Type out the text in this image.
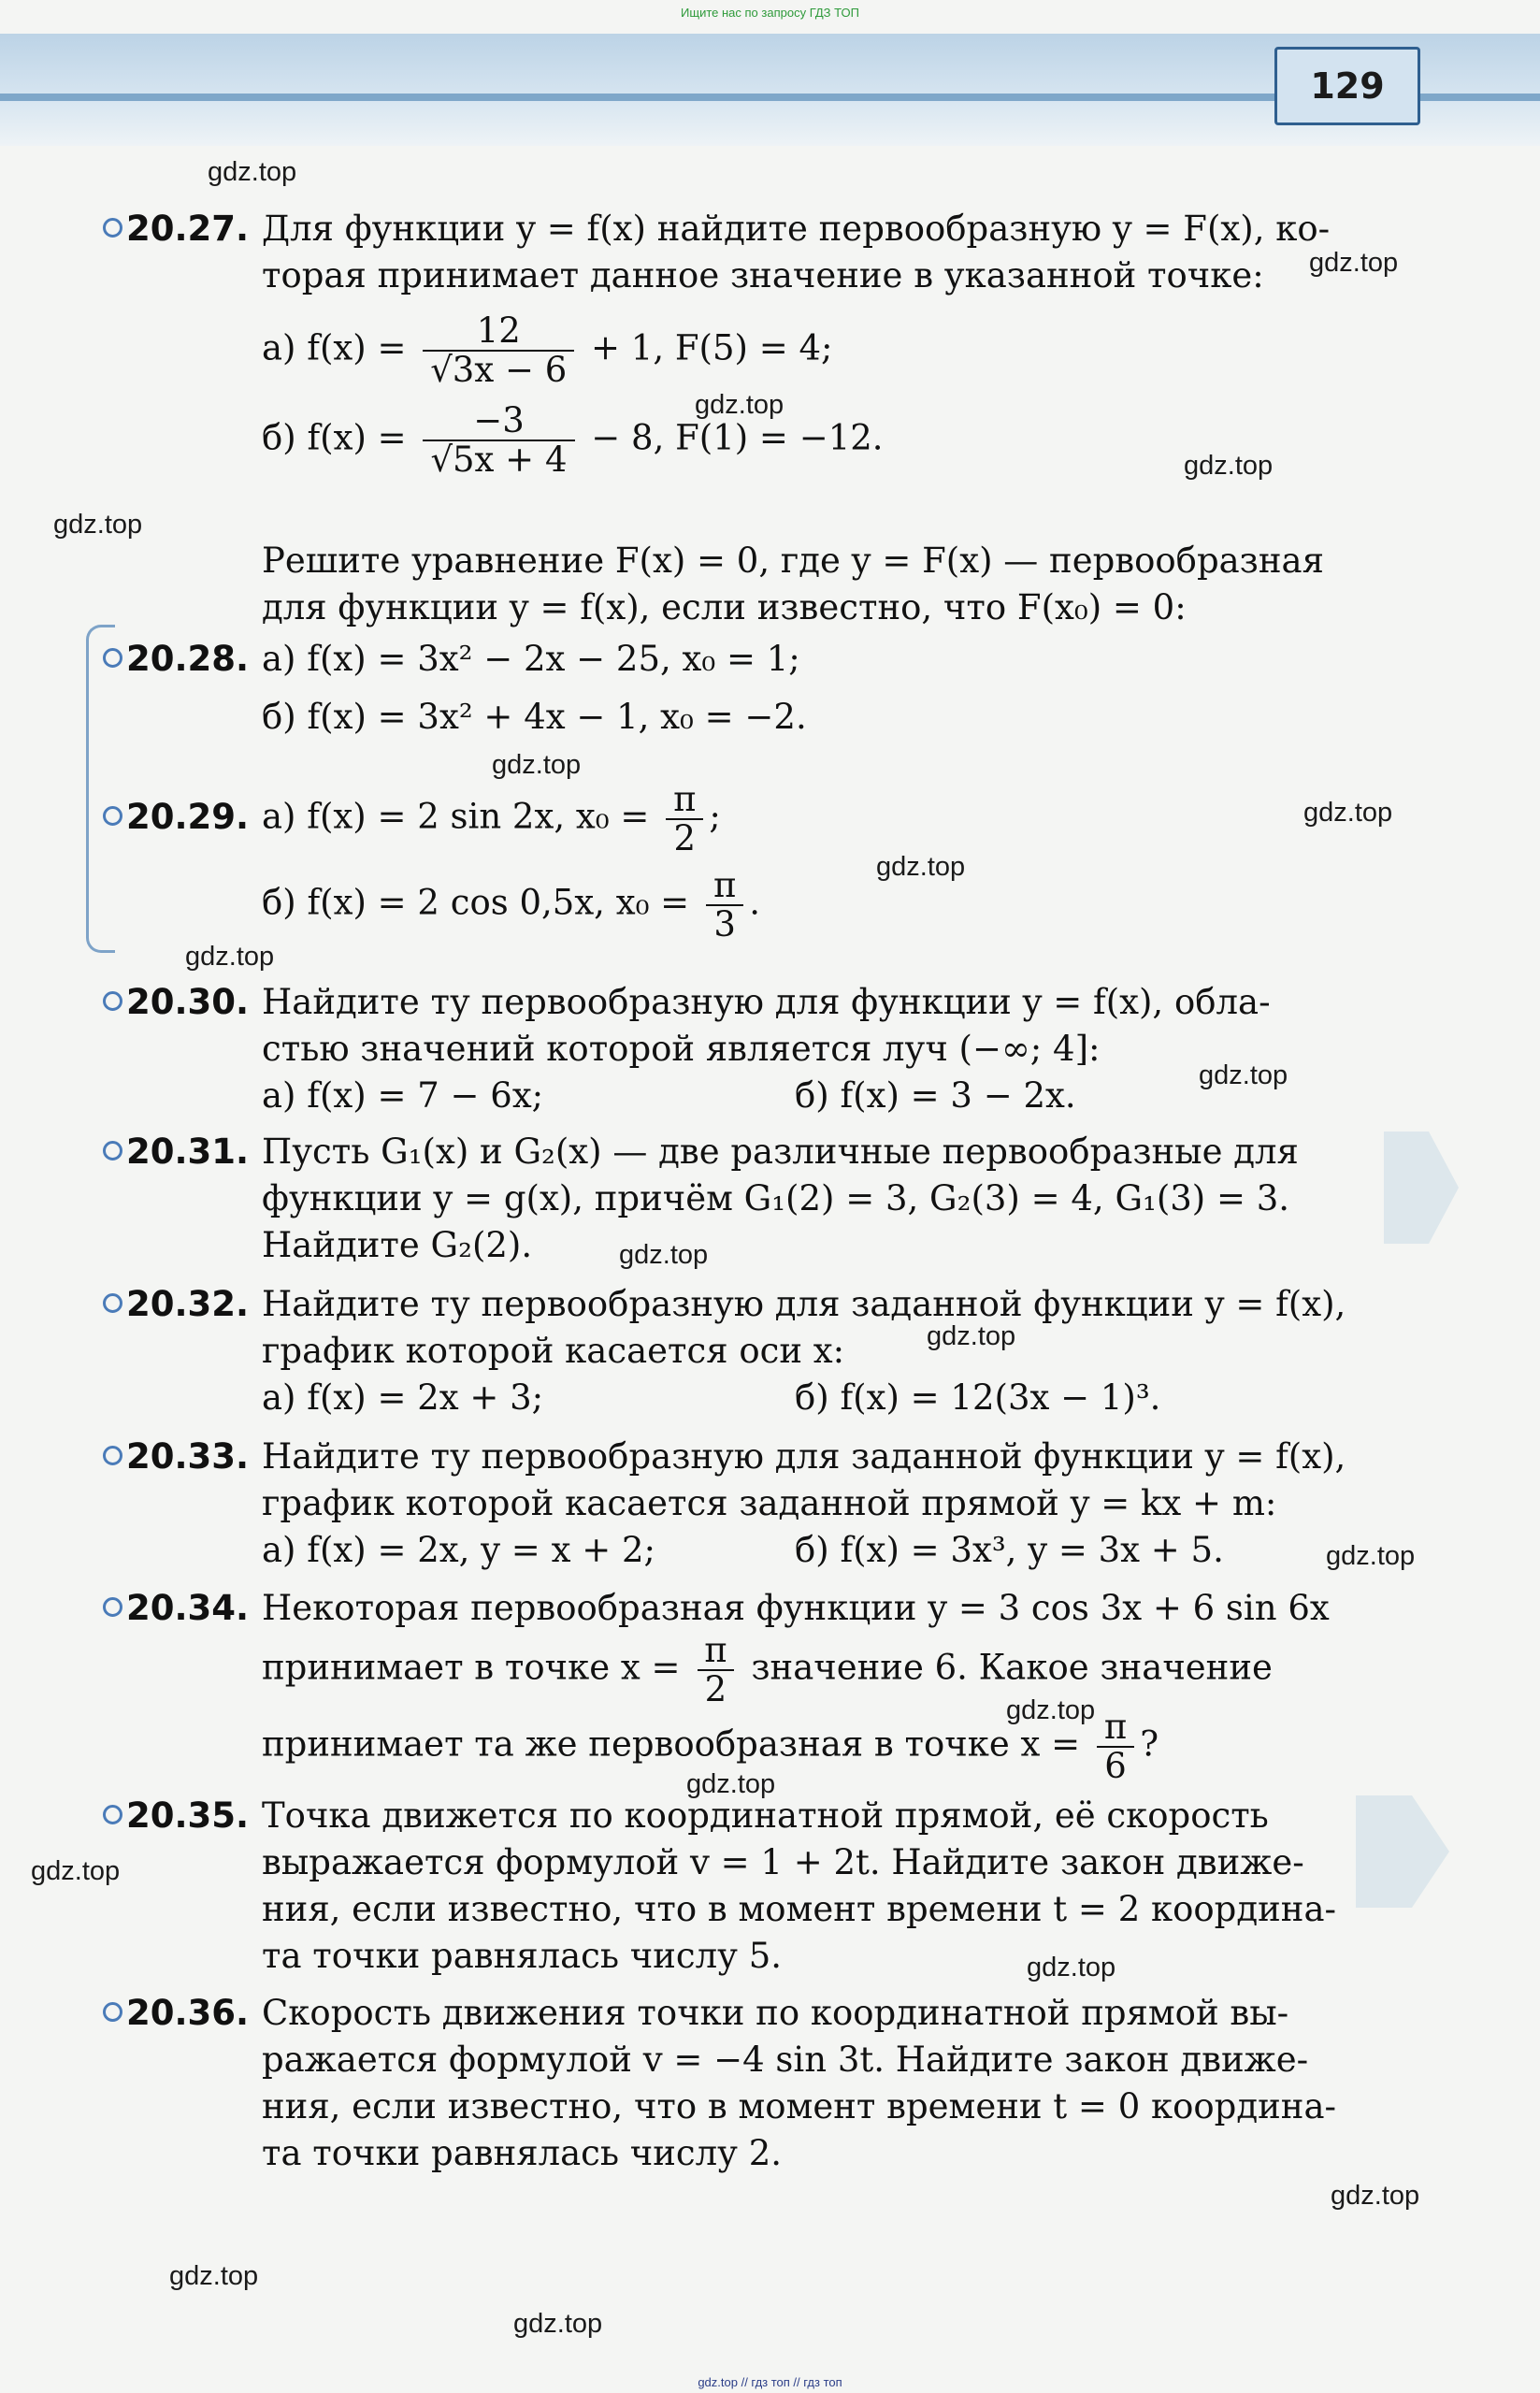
Ищите нас по запросу ГДЗ ТОП
129
20.27. Для функции y = f(x) найдите первообразную y = F(x), ко-
торая принимает данное значение в указанной точке:
а) $f(x) = \frac{12}{√3x - 6} + 1$, F(5) = 4;
б) $f(x) = \frac{-3}{√5x + 4} - 8$, F(1) = −12.
Решите уравнение F(x) = 0, где y = F(x) — первообразная
для функции y = f(x), если известно, что F(x₀) = 0:
20.28. а) f(x) = 3x² − 2x − 25, x₀ = 1;
б) f(x) = 3x² + 4x − 1, x₀ = −2.
20.29. а) f(x) = 2 sin 2x, $x_0 = \frac{\pi}{2}$ ;
б) f(x) = 2 cos 0,5x, $x_0 = \frac{\pi}{3}$ .
20.30. Найдите ту первообразную для функции y = f(x), обла-
стью значений которой является луч (−∞; 4]:
а) f(x) = 7 − 6x;	б) f(x) = 3 − 2x.
20.31. Пусть G₁(x) и G₂(x) — две различные первообразные для
функции y = g(x), причём G₁(2) = 3, G₂(3) = 4, G₁(3) = 3.
Найдите G₂(2).
20.32. Найдите ту первообразную для заданной функции y = f(x),
график которой касается оси x:
а) f(x) = 2x + 3;	б) f(x) = 12(3x − 1)³.
20.33. Найдите ту первообразную для заданной функции y = f(x),
график которой касается заданной прямой y = kx + m:
а) f(x) = 2x, y = x + 2;	б) f(x) = 3x³, y = 3x + 5.
20.34. Некоторая первообразная функции y = 3 cos 3x + 6 sin 6x
принимает в точке $x = \frac{\pi}{2}$ значение 6. Какое значение
принимает та же первообразная в точке $x = \frac{\pi}{6}$ ?
20.35. Точка движется по координатной прямой, её скорость
выражается формулой v = 1 + 2t. Найдите закон движе-
ния, если известно, что в момент времени t = 2 координа-
та точки равнялась числу 5.
20.36. Скорость движения точки по координатной прямой вы-
ражается формулой v = −4 sin 3t. Найдите закон движе-
ния, если известно, что в момент времени t = 0 координа-
та точки равнялась числу 2.
gdz.top
gdz.top
gdz.top
gdz.top
gdz.top
gdz.top
gdz.top
gdz.top
gdz.top
gdz.top
gdz.top
gdz.top
gdz.top
gdz.top
gdz.top
gdz.top
gdz.top
gdz.top
gdz.top
gdz.top
gdz.top // гдз топ // гдз топ
